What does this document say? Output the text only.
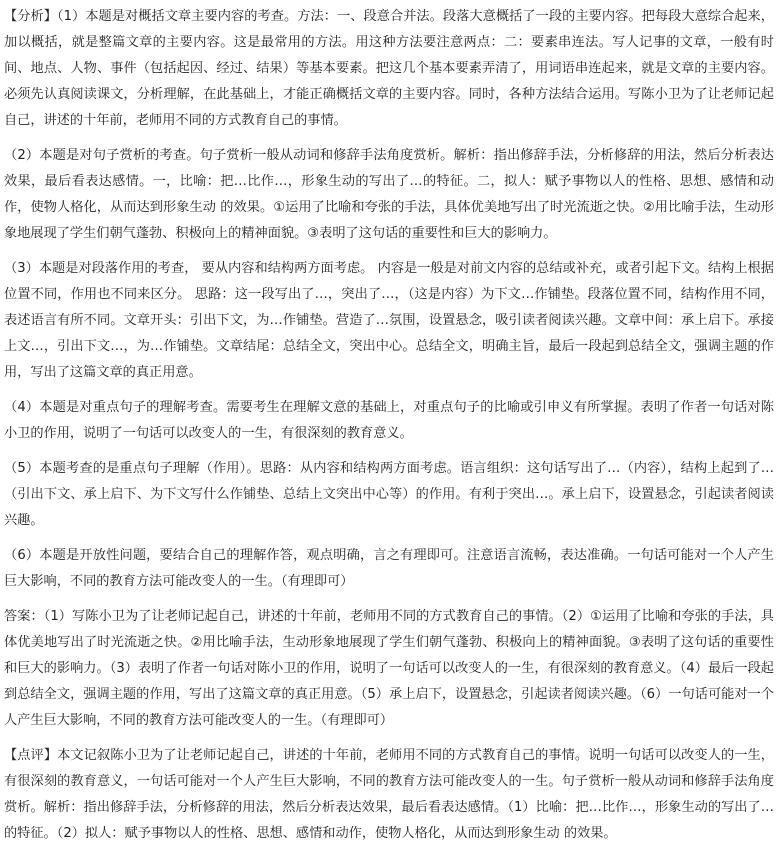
【分析】（1）本题是对概括文章主要内容的考查。方法：一、段意合并法。段落大意概括了一段的主要内容。把每段大意综合起来，加以概括，就是整篇文章的主要内容。这是最常用的方法。用这种方法要注意两点：二：要素串连法。写人记事的文章，一般有时间、地点、人物、事件（包括起因、经过、结果）等基本要素。把这几个基本要素弄清了，用词语串连起来，就是文章的主要内容。必须先认真阅读课文，分析理解，在此基础上，才能正确概括文章的主要内容。同时，各种方法结合运用。写陈小卫为了让老师记起自己，讲述的十年前，老师用不同的方式教育自己的事情。

（2）本题是对句子赏析的考查。句子赏析一般从动词和修辞手法角度赏析。解析：指出修辞手法，分析修辞的用法，然后分析表达效果，最后看表达感情。一，比喻：把…比作…，形象生动的写出了…的特征。二，拟人：赋予事物以人的性格、思想、感情和动作，使物人格化，从而达到形象生动 的效果。①运用了比喻和夸张的手法，具体优美地写出了时光流逝之快。②用比喻手法，生动形象地展现了学生们朝气蓬勃、积极向上的精神面貌。③表明了这句话的重要性和巨大的影响力。

（3）本题是对段落作用的考查， 要从内容和结构两方面考虑。 内容是一般是对前文内容的总结或补充，或者引起下文。结构上根据位置不同，作用也不同来区分。 思路：这一段写出了…，突出了…，（这是内容）为下文…作铺垫。段落位置不同，结构作用不同，表述语言有所不同。文章开头：引出下文，为…作铺垫。营造了…氛围，设置悬念，吸引读者阅读兴趣。文章中间：承上启下。承接上文…，引出下文…，为…作铺垫。文章结尾：总结全文，突出中心。总结全文，明确主旨，最后一段起到总结全文，强调主题的作用，写出了这篇文章的真正用意。

（4）本题是对重点句子的理解考查。需要考生在理解文意的基础上，对重点句子的比喻或引申义有所掌握。表明了作者一句话对陈小卫的作用，说明了一句话可以改变人的一生，有很深刻的教育意义。

（5）本题考查的是重点句子理解（作用）。思路：从内容和结构两方面考虑。语言组织：这句话写出了…（内容），结构上起到了…（引出下文、承上启下、为下文写什么作铺垫、总结上文突出中心等）的作用。有利于突出…。承上启下，设置悬念，引起读者阅读兴趣。

（6）本题是开放性问题，要结合自己的理解作答，观点明确，言之有理即可。注意语言流畅，表达准确。一句话可能对一个人产生巨大影响，不同的教育方法可能改变人的一生。（有理即可）

答案：（1）写陈小卫为了让老师记起自己，讲述的十年前，老师用不同的方式教育自己的事情。（2）①运用了比喻和夸张的手法，具体优美地写出了时光流逝之快。②用比喻手法，生动形象地展现了学生们朝气蓬勃、积极向上的精神面貌。③表明了这句话的重要性和巨大的影响力。（3）表明了作者一句话对陈小卫的作用，说明了一句话可以改变人的一生，有很深刻的教育意义。（4）最后一段起到总结全文，强调主题的作用，写出了这篇文章的真正用意。（5）承上启下，设置悬念，引起读者阅读兴趣。（6）一句话可能对一个人产生巨大影响，不同的教育方法可能改变人的一生。（有理即可）

【点评】本文记叙陈小卫为了让老师记起自己，讲述的十年前，老师用不同的方式教育自己的事情。说明一句话可以改变人的一生，有很深刻的教育意义，一句话可能对一个人产生巨大影响，不同的教育方法可能改变人的一生。句子赏析一般从动词和修辞手法角度赏析。解析：指出修辞手法，分析修辞的用法，然后分析表达效果，最后看表达感情。（1）比喻：把…比作…，形象生动的写出了…的特征。（2）拟人：赋予事物以人的性格、思想、感情和动作，使物人格化，从而达到形象生动 的效果。
